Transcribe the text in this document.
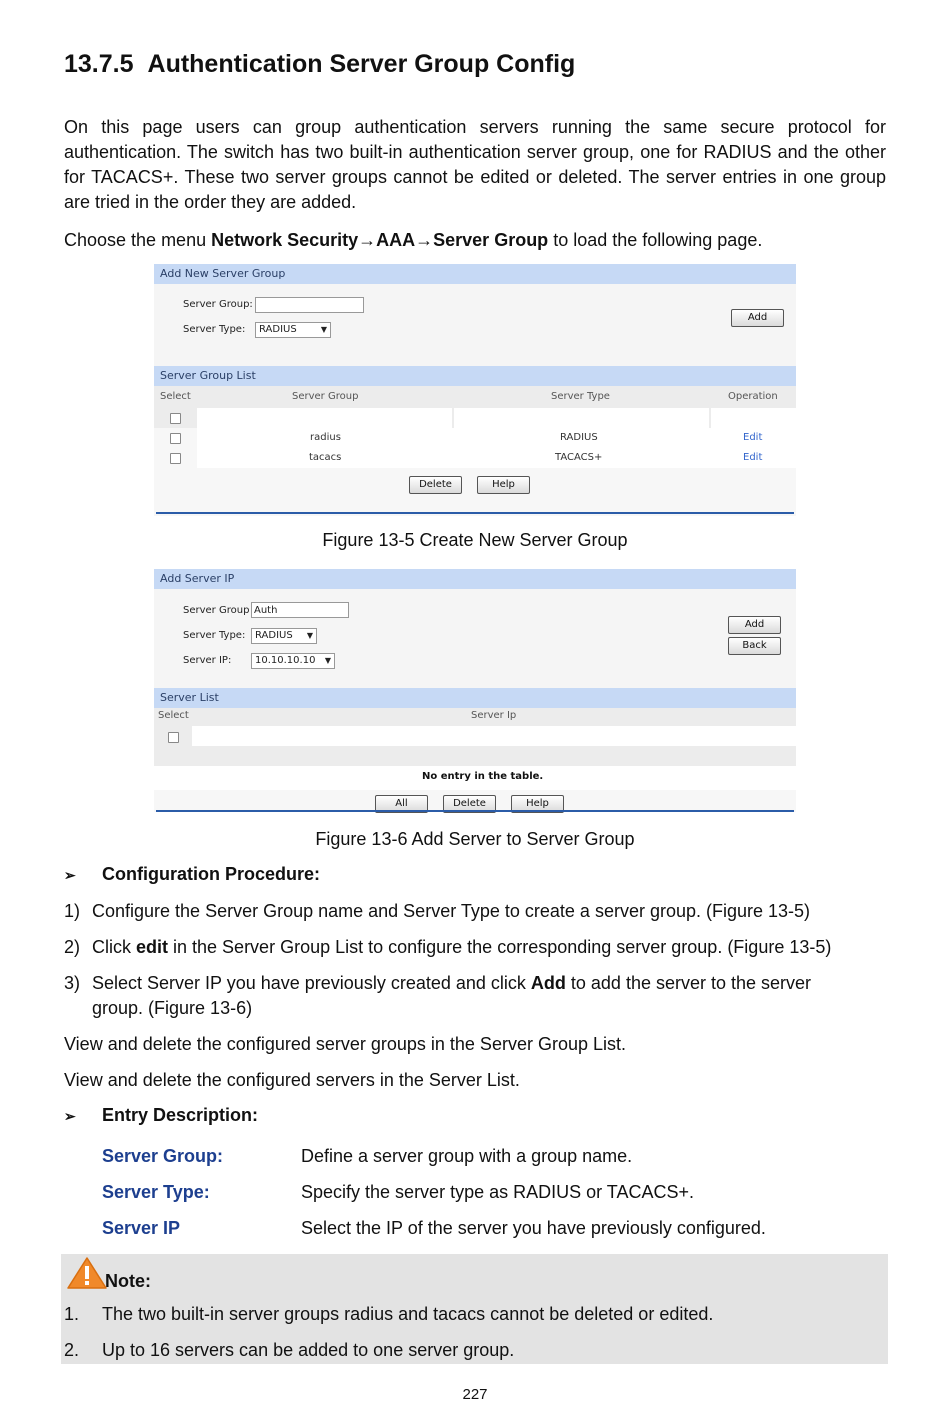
13.7.5 Authentication Server Group Config

On this page users can group authentication servers running the same secure protocol for authentication. The switch has two built-in authentication server group, one for RADIUS and the other for TACACS+. These two server groups cannot be edited or deleted. The server entries in one group are tried in the order they are added.

Choose the menu Network Security→AAA→Server Group to load the following page.

Add New Server Group
Server Group:
Server Type:	RADIUS	▼
Add
Server Group List
Select	Server Group	Server Type	Operation
radius	RADIUS	Edit
tacacs	TACACS+	Edit
Delete	Help
Figure 13-5 Create New Server Group
Add Server IP
Server Group
Auth
Server Type: RADIUS ▼
Server IP:	10.10.10.10 ▼
Add
Back
Server List
Select	Server Ip
No entry in the table.
All	Delete	Help
Figure 13-6 Add Server to Server Group
➢ Configuration Procedure:
1) Configure the Server Group name and Server Type to create a server group. (Figure 13-5)
2) Click edit in the Server Group List to configure the corresponding server group. (Figure 13-5)
3) Select Server IP you have previously created and click Add to add the server to the server
group. (Figure 13-6)
View and delete the configured server groups in the Server Group List.
View and delete the configured servers in the Server List.
➢ Entry Description:
Server Group:	Define a server group with a group name.
Server Type:	Specify the server type as RADIUS or TACACS+.
Server IP	Select the IP of the server you have previously configured.
Note:
1. The two built-in server groups radius and tacacs cannot be deleted or edited.
2. Up to 16 servers can be added to one server group.
227
